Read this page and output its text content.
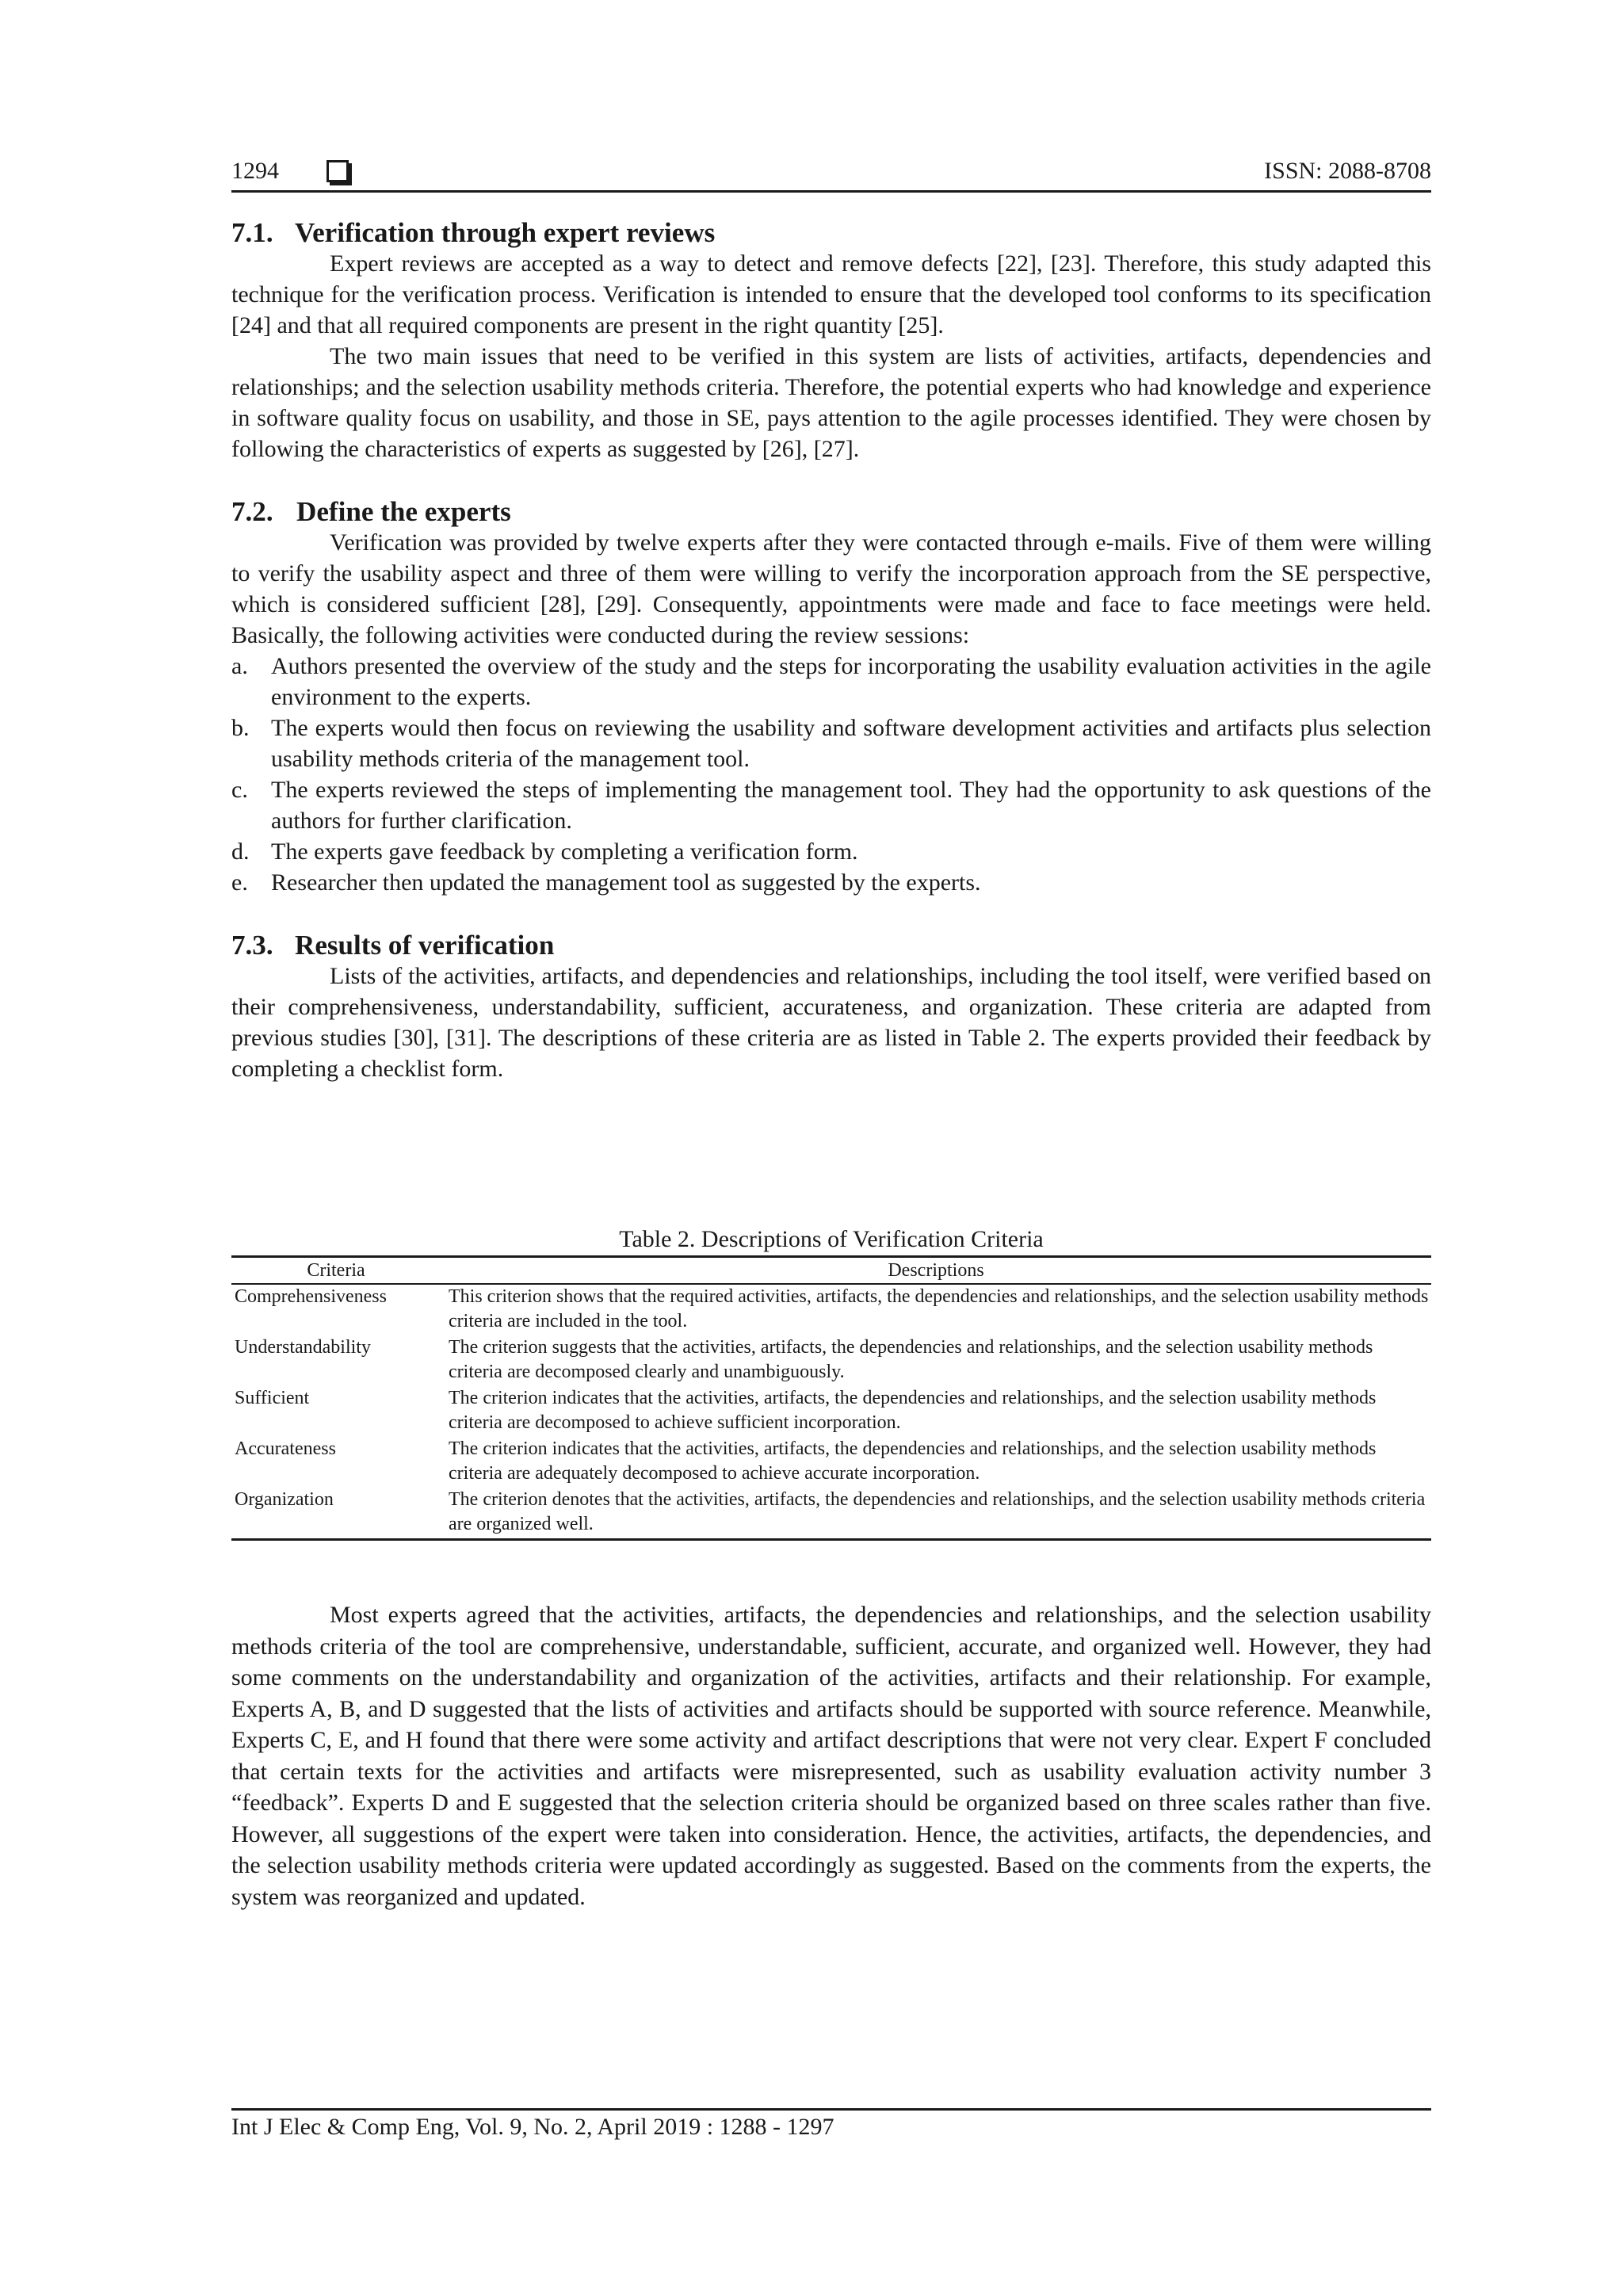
1294	ISSN: 2088-8708
7.1. Verification through expert reviews

Expert reviews are accepted as a way to detect and remove defects [22], [23]. Therefore, this study adapted this technique for the verification process. Verification is intended to ensure that the developed tool conforms to its specification [24] and that all required components are present in the right quantity [25].

The two main issues that need to be verified in this system are lists of activities, artifacts, dependencies and relationships; and the selection usability methods criteria. Therefore, the potential experts who had knowledge and experience in software quality focus on usability, and those in SE, pays attention to the agile processes identified. They were chosen by following the characteristics of experts as suggested by [26], [27].

7.2. Define the experts

Verification was provided by twelve experts after they were contacted through e-mails. Five of them were willing to verify the usability aspect and three of them were willing to verify the incorporation approach from the SE perspective, which is considered sufficient [28], [29]. Consequently, appointments were made and face to face meetings were held. Basically, the following activities were conducted during the review sessions:

a. Authors presented the overview of the study and the steps for incorporating the usability evaluation activities in the agile environment to the experts.
b. The experts would then focus on reviewing the usability and software development activities and artifacts plus selection usability methods criteria of the management tool.
c. The experts reviewed the steps of implementing the management tool. They had the opportunity to ask questions of the authors for further clarification.
d. The experts gave feedback by completing a verification form.
e. Researcher then updated the management tool as suggested by the experts.
7.3. Results of verification

Lists of the activities, artifacts, and dependencies and relationships, including the tool itself, were verified based on their comprehensiveness, understandability, sufficient, accurateness, and organization. These criteria are adapted from previous studies [30], [31]. The descriptions of these criteria are as listed in Table 2. The experts provided their feedback by completing a checklist form.

Table 2. Descriptions of Verification Criteria
Criteria	Descriptions
Comprehensiveness	This criterion shows that the required activities, artifacts, the dependencies and relationships, and the selection usability methods criteria are included in the tool.
Understandability	The criterion suggests that the activities, artifacts, the dependencies and relationships, and the selection usability methods criteria are decomposed clearly and unambiguously.
Sufficient	The criterion indicates that the activities, artifacts, the dependencies and relationships, and the selection usability methods criteria are decomposed to achieve sufficient incorporation.
Accurateness	The criterion indicates that the activities, artifacts, the dependencies and relationships, and the selection usability methods criteria are adequately decomposed to achieve accurate incorporation.
Organization	The criterion denotes that the activities, artifacts, the dependencies and relationships, and the selection usability methods criteria are organized well.

Most experts agreed that the activities, artifacts, the dependencies and relationships, and the selection usability methods criteria of the tool are comprehensive, understandable, sufficient, accurate, and organized well. However, they had some comments on the understandability and organization of the activities, artifacts and their relationship. For example, Experts A, B, and D suggested that the lists of activities and artifacts should be supported with source reference. Meanwhile, Experts C, E, and H found that there were some activity and artifact descriptions that were not very clear. Expert F concluded that certain texts for the activities and artifacts were misrepresented, such as usability evaluation activity number 3 “feedback”. Experts D and E suggested that the selection criteria should be organized based on three scales rather than five. However, all suggestions of the expert were taken into consideration. Hence, the activities, artifacts, the dependencies, and the selection usability methods criteria were updated accordingly as suggested. Based on the comments from the experts, the system was reorganized and updated.

Int J Elec & Comp Eng, Vol. 9, No. 2, April 2019 : 1288 - 1297
